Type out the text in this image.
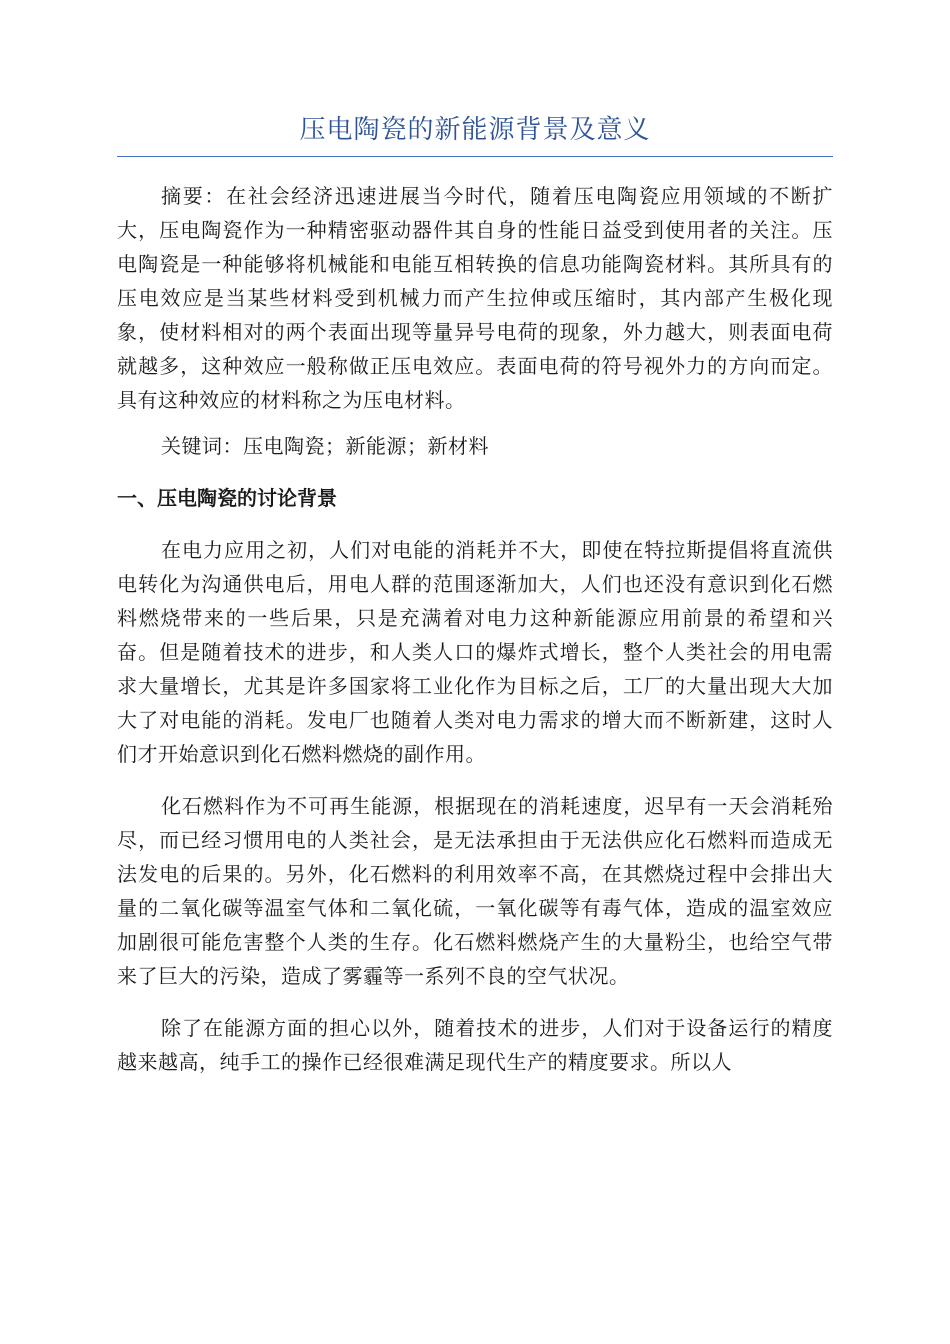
压电陶瓷的新能源背景及意义

摘要：在社会经济迅速进展当今时代，随着压电陶瓷应用领域的不断扩大，压电陶瓷作为一种精密驱动器件其自身的性能日益受到使用者的关注。压电陶瓷是一种能够将机械能和电能互相转换的信息功能陶瓷材料。其所具有的压电效应是当某些材料受到机械力而产生拉伸或压缩时，其内部产生极化现象，使材料相对的两个表面出现等量异号电荷的现象，外力越大，则表面电荷就越多，这种效应一般称做正压电效应。表面电荷的符号视外力的方向而定。具有这种效应的材料称之为压电材料。

关键词：压电陶瓷；新能源；新材料

一、压电陶瓷的讨论背景

在电力应用之初，人们对电能的消耗并不大，即使在特拉斯提倡将直流供电转化为沟通供电后，用电人群的范围逐渐加大，人们也还没有意识到化石燃料燃烧带来的一些后果，只是充满着对电力这种新能源应用前景的希望和兴奋。但是随着技术的进步，和人类人口的爆炸式增长，整个人类社会的用电需求大量增长，尤其是许多国家将工业化作为目标之后，工厂的大量出现大大加大了对电能的消耗。发电厂也随着人类对电力需求的增大而不断新建，这时人们才开始意识到化石燃料燃烧的副作用。

化石燃料作为不可再生能源，根据现在的消耗速度，迟早有一天会消耗殆尽，而已经习惯用电的人类社会，是无法承担由于无法供应化石燃料而造成无法发电的后果的。另外，化石燃料的利用效率不高，在其燃烧过程中会排出大量的二氧化碳等温室气体和二氧化硫，一氧化碳等有毒气体，造成的温室效应加剧很可能危害整个人类的生存。化石燃料燃烧产生的大量粉尘，也给空气带来了巨大的污染，造成了雾霾等一系列不良的空气状况。

除了在能源方面的担心以外，随着技术的进步，人们对于设备运行的精度越来越高，纯手工的操作已经很难满足现代生产的精度要求。所以人
